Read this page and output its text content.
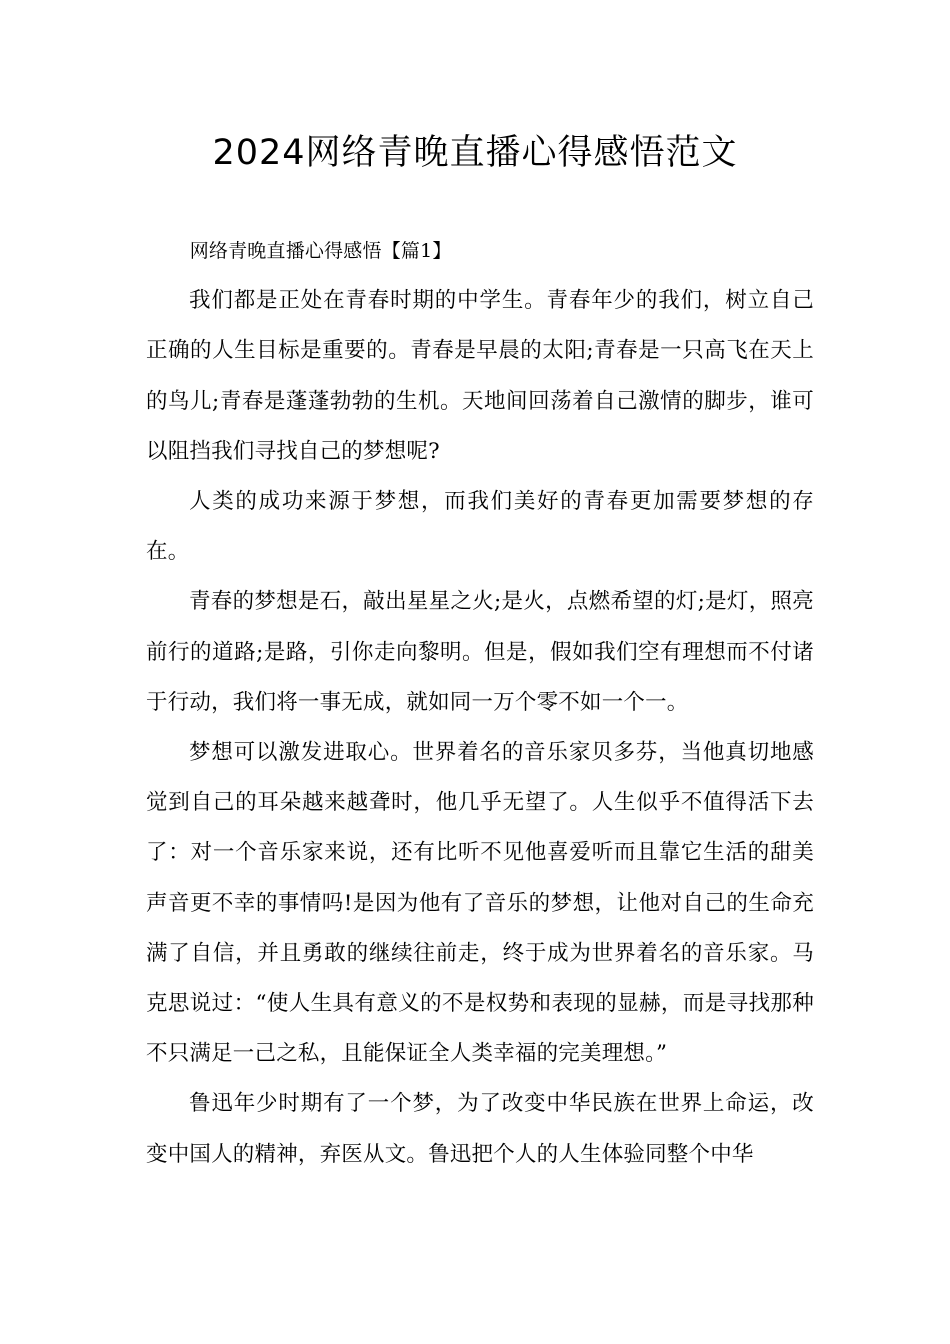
2024网络青晚直播心得感悟范文

网络青晚直播心得感悟【篇1】

我们都是正处在青春时期的中学生。青春年少的我们，树立自己正确的人生目标是重要的。青春是早晨的太阳;青春是一只高飞在天上的鸟儿;青春是蓬蓬勃勃的生机。天地间回荡着自己激情的脚步，谁可以阻挡我们寻找自己的梦想呢?

人类的成功来源于梦想，而我们美好的青春更加需要梦想的存在。

青春的梦想是石，敲出星星之火;是火，点燃希望的灯;是灯，照亮前行的道路;是路，引你走向黎明。但是，假如我们空有理想而不付诸于行动，我们将一事无成，就如同一万个零不如一个一。

梦想可以激发进取心。世界着名的音乐家贝多芬，当他真切地感觉到自己的耳朵越来越聋时，他几乎无望了。人生似乎不值得活下去了：对一个音乐家来说，还有比听不见他喜爱听而且靠它生活的甜美声音更不幸的事情吗!是因为他有了音乐的梦想，让他对自己的生命充满了自信，并且勇敢的继续往前走，终于成为世界着名的音乐家。马克思说过：“使人生具有意义的不是权势和表现的显赫，而是寻找那种不只满足一己之私，且能保证全人类幸福的完美理想。”

鲁迅年少时期有了一个梦，为了改变中华民族在世界上命运，改变中国人的精神，弃医从文。鲁迅把个人的人生体验同整个中华
